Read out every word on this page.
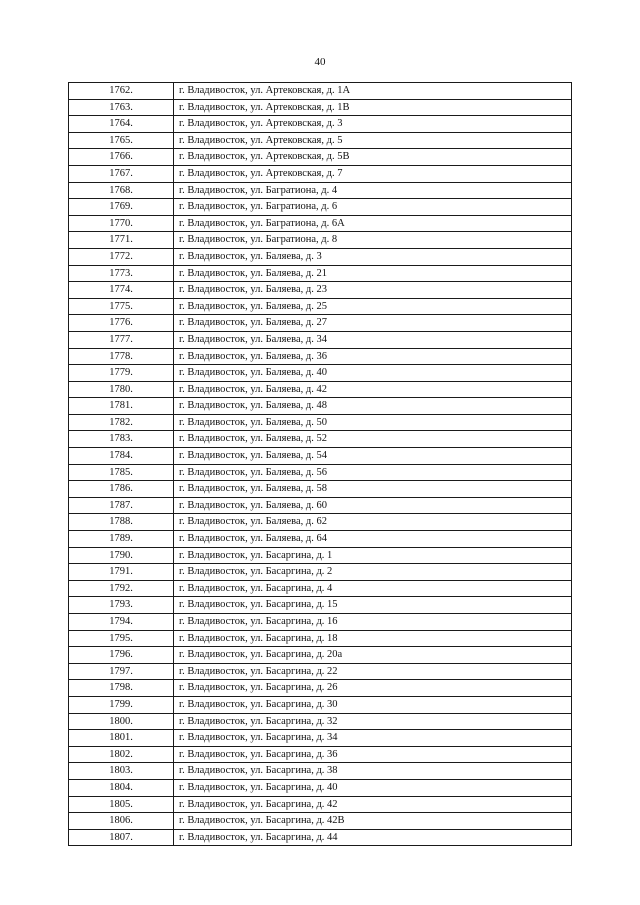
40
1762.	г. Владивосток, ул. Артековская, д. 1А
1763.	г. Владивосток, ул. Артековская, д. 1В
1764.	г. Владивосток, ул. Артековская, д. 3
1765.	г. Владивосток, ул. Артековская, д. 5
1766.	г. Владивосток, ул. Артековская, д. 5В
1767.	г. Владивосток, ул. Артековская, д. 7
1768.	г. Владивосток, ул. Багратиона, д. 4
1769.	г. Владивосток, ул. Багратиона, д. 6
1770.	г. Владивосток, ул. Багратиона, д. 6А
1771.	г. Владивосток, ул. Багратиона, д. 8
1772.	г. Владивосток, ул. Баляева, д. 3
1773.	г. Владивосток, ул. Баляева, д. 21
1774.	г. Владивосток, ул. Баляева, д. 23
1775.	г. Владивосток, ул. Баляева, д. 25
1776.	г. Владивосток, ул. Баляева, д. 27
1777.	г. Владивосток, ул. Баляева, д. 34
1778.	г. Владивосток, ул. Баляева, д. 36
1779.	г. Владивосток, ул. Баляева, д. 40
1780.	г. Владивосток, ул. Баляева, д. 42
1781.	г. Владивосток, ул. Баляева, д. 48
1782.	г. Владивосток, ул. Баляева, д. 50
1783.	г. Владивосток, ул. Баляева, д. 52
1784.	г. Владивосток, ул. Баляева, д. 54
1785.	г. Владивосток, ул. Баляева, д. 56
1786.	г. Владивосток, ул. Баляева, д. 58
1787.	г. Владивосток, ул. Баляева, д. 60
1788.	г. Владивосток, ул. Баляева, д. 62
1789.	г. Владивосток, ул. Баляева, д. 64
1790.	г. Владивосток, ул. Басаргина, д. 1
1791.	г. Владивосток, ул. Басаргина, д. 2
1792.	г. Владивосток, ул. Басаргина, д. 4
1793.	г. Владивосток, ул. Басаргина, д. 15
1794.	г. Владивосток, ул. Басаргина, д. 16
1795.	г. Владивосток, ул. Басаргина, д. 18
1796.	г. Владивосток, ул. Басаргина, д. 20а
1797.	г. Владивосток, ул. Басаргина, д. 22
1798.	г. Владивосток, ул. Басаргина, д. 26
1799.	г. Владивосток, ул. Басаргина, д. 30
1800.	г. Владивосток, ул. Басаргина, д. 32
1801.	г. Владивосток, ул. Басаргина, д. 34
1802.	г. Владивосток, ул. Басаргина, д. 36
1803.	г. Владивосток, ул. Басаргина, д. 38
1804.	г. Владивосток, ул. Басаргина, д. 40
1805.	г. Владивосток, ул. Басаргина, д. 42
1806.	г. Владивосток, ул. Басаргина, д. 42В
1807.	г. Владивосток, ул. Басаргина, д. 44
